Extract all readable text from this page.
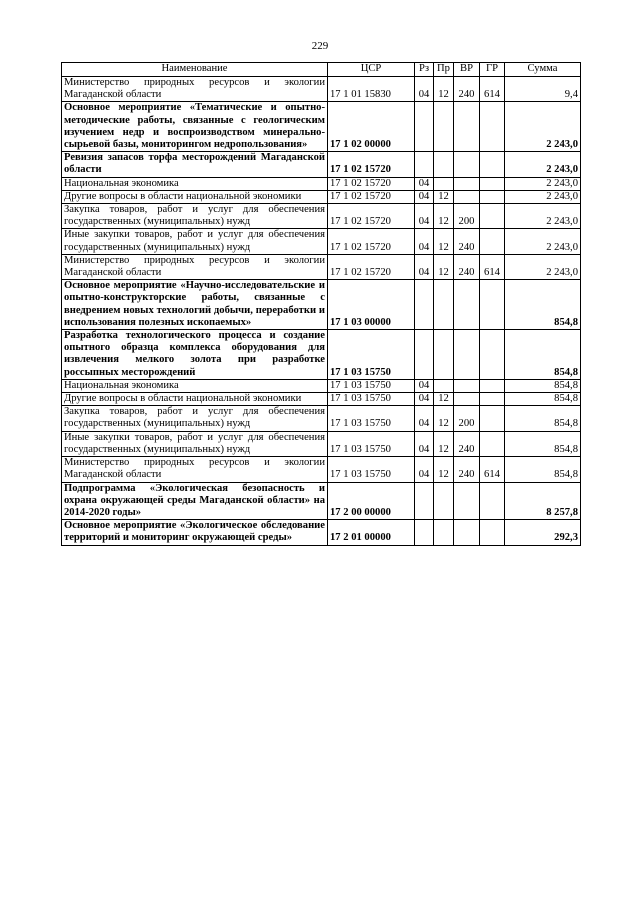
229
Наименование	ЦСР	Рз	Пр	ВР	ГР	Сумма
Министерство природных ресурсов и экологии Магаданской области	17 1 01 15830	04	12	240	614	9,4
Основное мероприятие «Тематические и опытно-методические работы, связанные с геологическим изучением недр и воспроизводством минерально-сырьевой базы, мониторингом недропользования»	17 1 02 00000					2 243,0
Ревизия запасов торфа месторождений Магаданской области	17 1 02 15720					2 243,0
Национальная экономика	17 1 02 15720	04				2 243,0
Другие вопросы в области национальной экономики	17 1 02 15720	04	12			2 243,0
Закупка товаров, работ и услуг для обеспечения государственных (муниципальных) нужд	17 1 02 15720	04	12	200		2 243,0
Иные закупки товаров, работ и услуг для обеспечения государственных (муниципальных) нужд	17 1 02 15720	04	12	240		2 243,0
Министерство природных ресурсов и экологии Магаданской области	17 1 02 15720	04	12	240	614	2 243,0
Основное мероприятие «Научно-исследовательские и опытно-конструкторские работы, связанные с внедрением новых технологий добычи, переработки и использования полезных ископаемых»	17 1 03 00000					854,8
Разработка технологического процесса и создание опытного образца комплекса оборудования для извлечения мелкого золота при разработке россыпных месторождений	17 1 03 15750					854,8
Национальная экономика	17 1 03 15750	04				854,8
Другие вопросы в области национальной экономики	17 1 03 15750	04	12			854,8
Закупка товаров, работ и услуг для обеспечения государственных (муниципальных) нужд	17 1 03 15750	04	12	200		854,8
Иные закупки товаров, работ и услуг для обеспечения государственных (муниципальных) нужд	17 1 03 15750	04	12	240		854,8
Министерство природных ресурсов и экологии Магаданской области	17 1 03 15750	04	12	240	614	854,8
Подпрограмма «Экологическая безопасность и охрана окружающей среды Магаданской области» на 2014-2020 годы»	17 2 00 00000					8 257,8
Основное мероприятие «Экологическое обследование территорий и мониторинг окружающей среды»	17 2 01 00000					292,3
